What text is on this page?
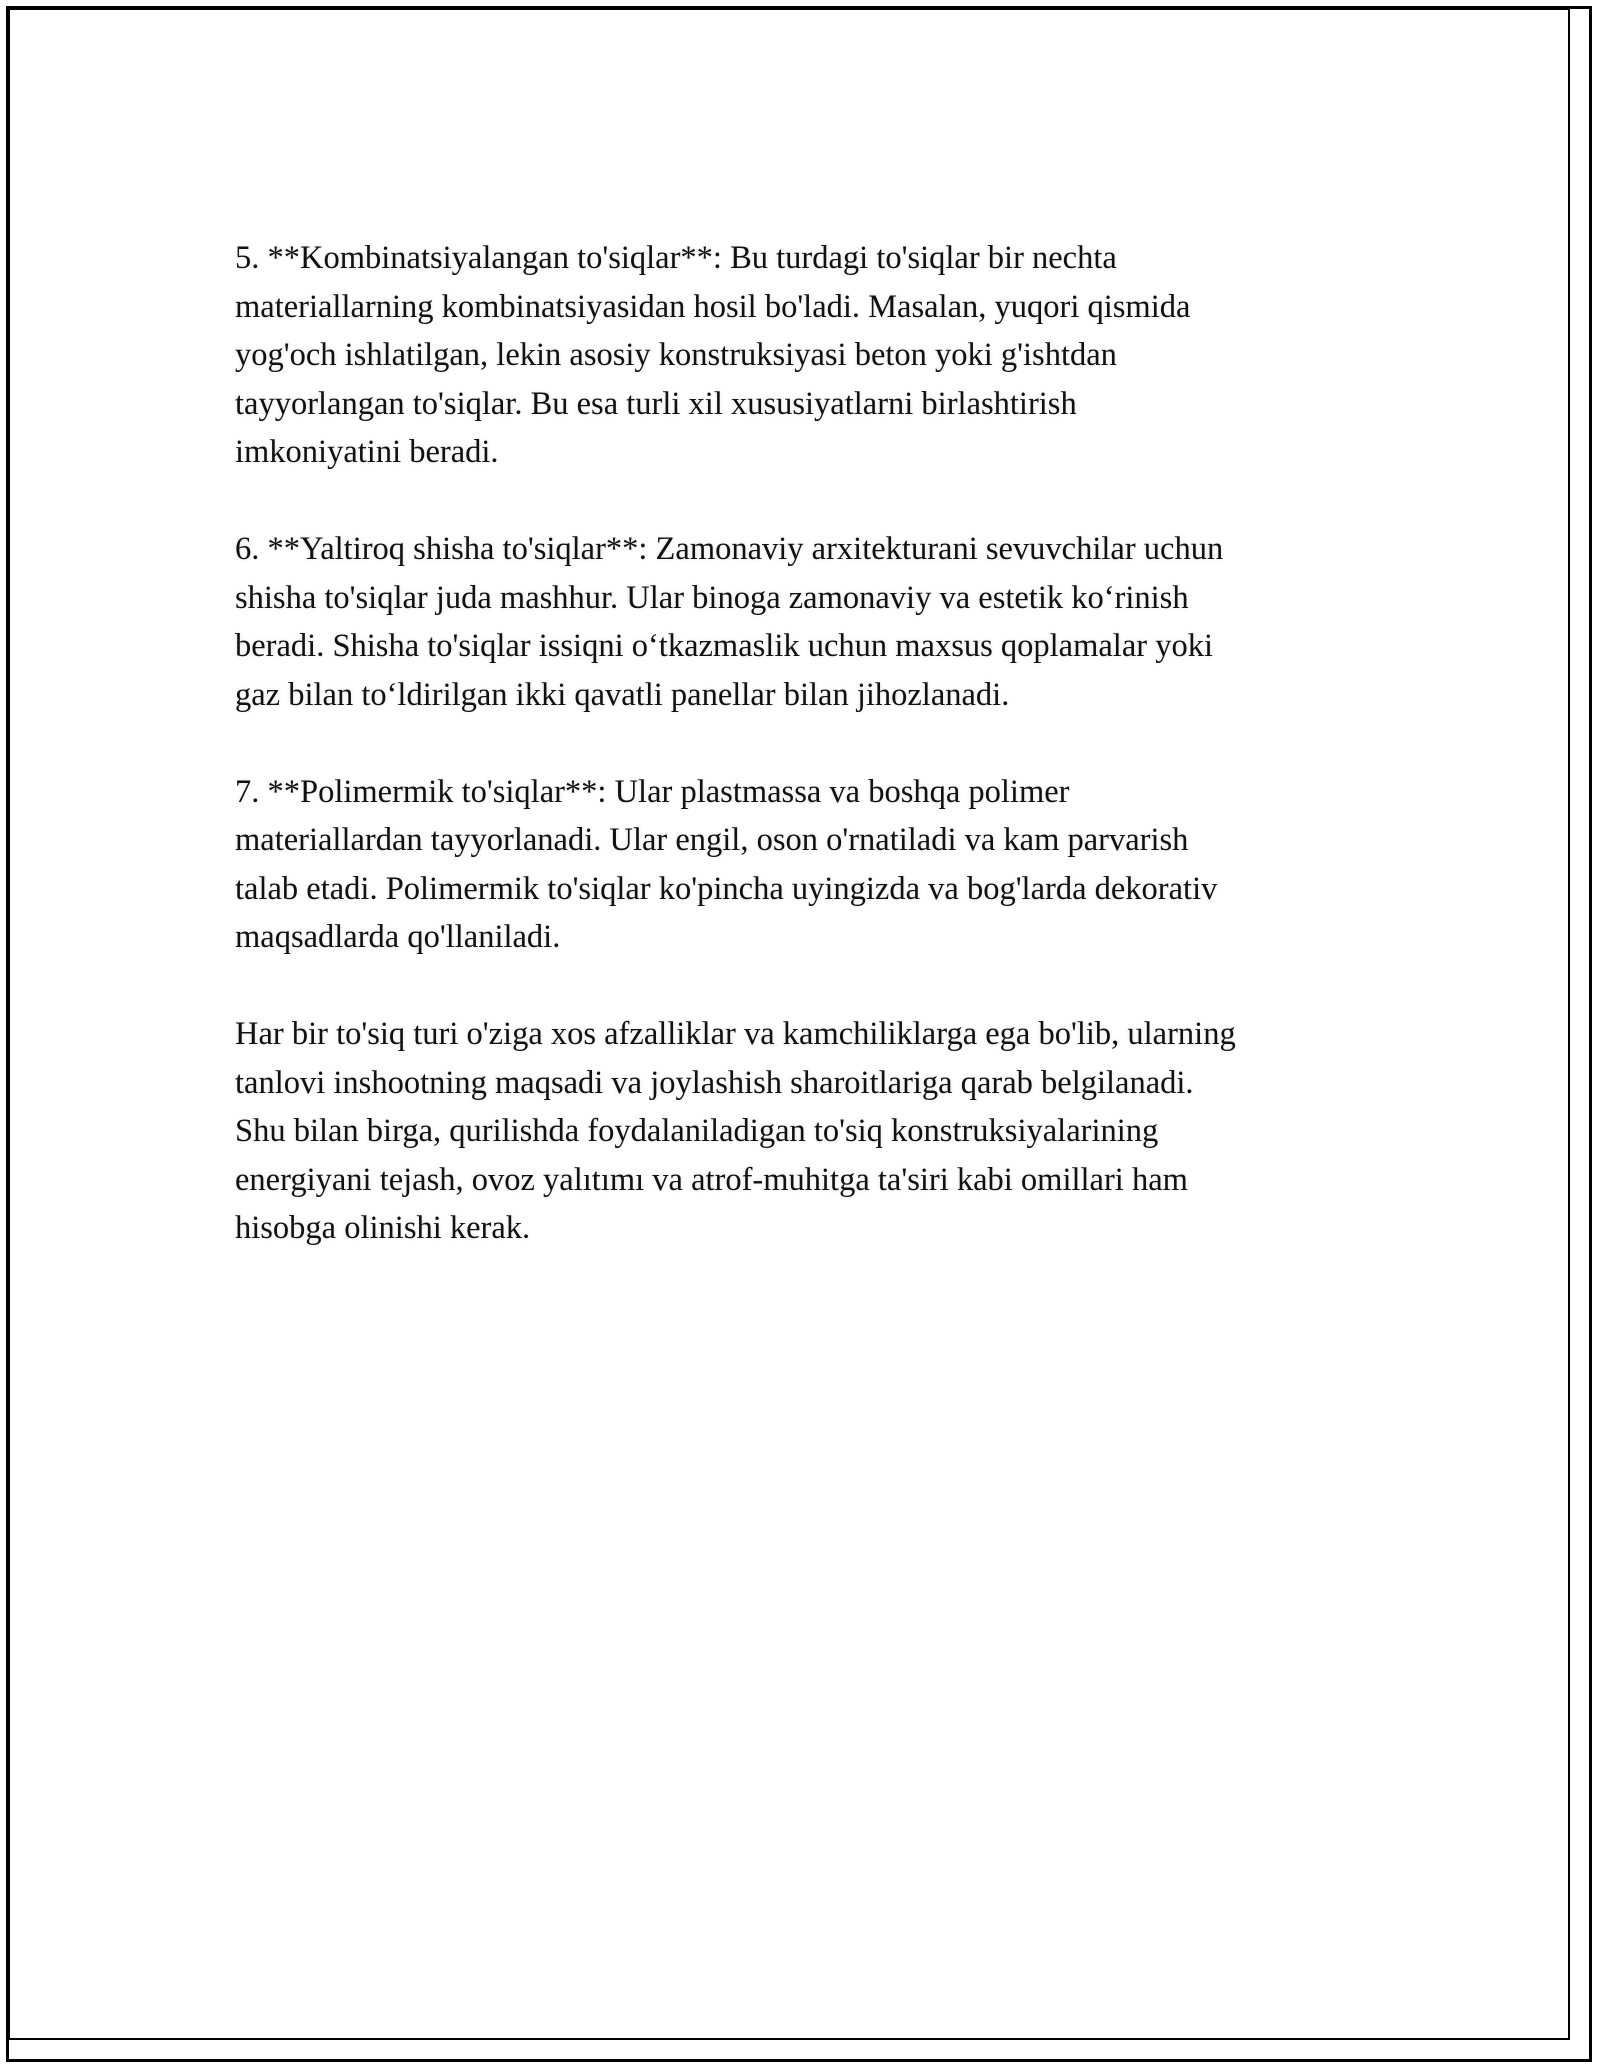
5. **Kombinatsiyalangan to'siqlar**: Bu turdagi to'siqlar bir nechta
materiallarning kombinatsiyasidan hosil bo'ladi. Masalan, yuqori qismida
yog'och ishlatilgan, lekin asosiy konstruksiyasi beton yoki g'ishtdan
tayyorlangan to'siqlar. Bu esa turli xil xususiyatlarni birlashtirish
imkoniyatini beradi.

6. **Yaltiroq shisha to'siqlar**: Zamonaviy arxitekturani sevuvchilar uchun
shisha to'siqlar juda mashhur. Ular binoga zamonaviy va estetik ko‘rinish
beradi. Shisha to'siqlar issiqni o‘tkazmaslik uchun maxsus qoplamalar yoki
gaz bilan to‘ldirilgan ikki qavatli panellar bilan jihozlanadi.

7. **Polimermik to'siqlar**: Ular plastmassa va boshqa polimer
materiallardan tayyorlanadi. Ular engil, oson o'rnatiladi va kam parvarish
talab etadi. Polimermik to'siqlar ko'pincha uyingizda va bog'larda dekorativ
maqsadlarda qo'llaniladi.

Har bir to'siq turi o'ziga xos afzalliklar va kamchiliklarga ega bo'lib, ularning
tanlovi inshootning maqsadi va joylashish sharoitlariga qarab belgilanadi.
Shu bilan birga, qurilishda foydalaniladigan to'siq konstruksiyalarining
energiyani tejash, ovoz yalıtımı va atrof-muhitga ta'siri kabi omillari ham
hisobga olinishi kerak.
